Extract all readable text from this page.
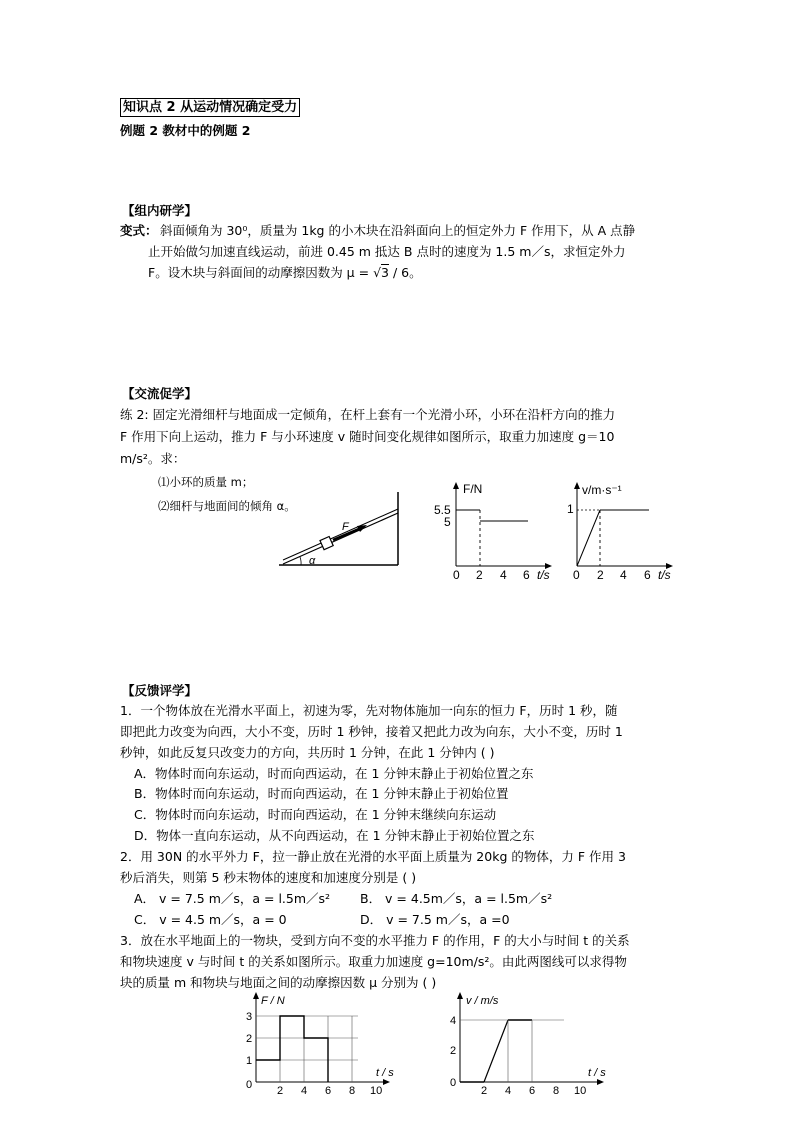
知识点 2 从运动情况确定受力
例题 2 教材中的例题 2
【组内研学】
变式： 斜面倾角为 30⁰，质量为 1kg 的小木块在沿斜面向上的恒定外力 F 作用下，从 A 点静
止开始做匀加速直线运动，前进 0.45 m 抵达 B 点时的速度为 1.5 m／s，求恒定外力
F。设木块与斜面间的动摩擦因数为 μ = √3 / 6。
【交流促学】
练 2: 固定光滑细杆与地面成一定倾角，在杆上套有一个光滑小环，小环在沿杆方向的推力
F 作用下向上运动，推力 F 与小环速度 v 随时间变化规律如图所示，取重力加速度 g＝10
m/s²。求：
⑴小环的质量 m；
⑵细杆与地面间的倾角 α。
F
α
F/N
t/s
5.5
5
0 2 4 6
v/m·s⁻¹
1
t/s
0 2 4 6
【反馈评学】
1．一个物体放在光滑水平面上，初速为零，先对物体施加一向东的恒力 F，历时 1 秒，随
即把此力改变为向西，大小不变，历时 1 秒钟，接着又把此力改为向东，大小不变，历时 1
秒钟，如此反复只改变力的方向，共历时 1 分钟，在此 1 分钟内 ( )
A．物体时而向东运动，时而向西运动，在 1 分钟末静止于初始位置之东
B．物体时而向东运动，时而向西运动，在 1 分钟末静止于初始位置
C．物体时而向东运动，时而向西运动，在 1 分钟末继续向东运动
D．物体一直向东运动，从不向西运动，在 1 分钟末静止于初始位置之东
2．用 30N 的水平外力 F，拉一静止放在光滑的水平面上质量为 20kg 的物体，力 F 作用 3
秒后消失，则第 5 秒末物体的速度和加速度分别是 ( )
A． v = 7.5 m／s，a = l.5m／s² B． v = 4.5m／s，a = l.5m／s²
C． v = 4.5 m／s，a = 0	D． v = 7.5 m／s，a =0
3．放在水平地面上的一物块，受到方向不变的水平推力 F 的作用，F 的大小与时间 t 的关系
和物块速度 v 与时间 t 的关系如图所示。取重力加速度 g=10m/s²。由此两图线可以求得物
块的质量 m 和物块与地面之间的动摩擦因数 μ 分别为 ( )
F / N
t / s
3
2
1
0 2 4 6 8 10
v / m/s
t / s
4
2
0
2 4 6 8 10
